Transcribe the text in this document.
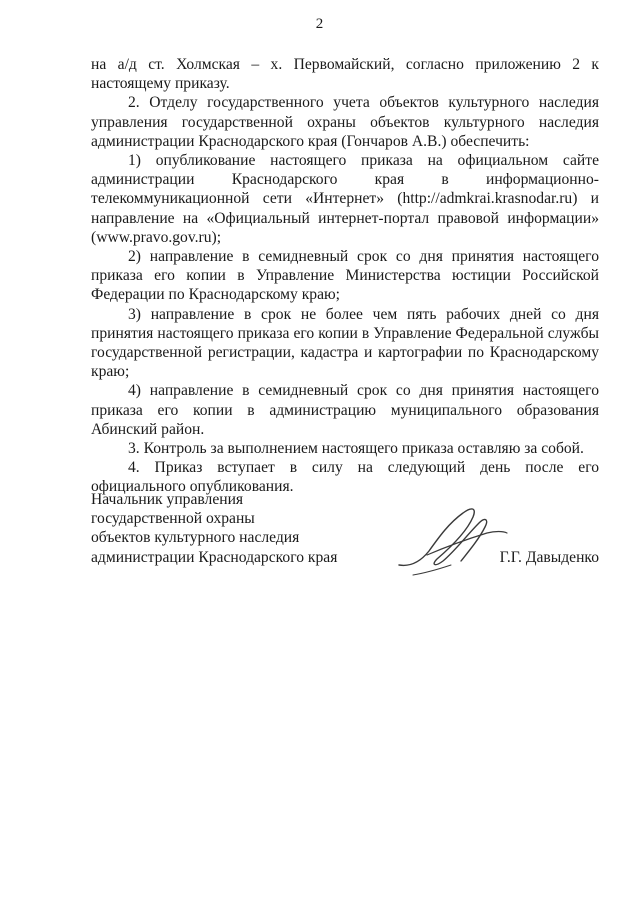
2

на а/д ст. Холмская – х. Первомайский, согласно приложению 2 к настоящему приказу.

2. Отделу государственного учета объектов культурного наследия управления государственной охраны объектов культурного наследия администрации Краснодарского края (Гончаров А.В.) обеспечить:

1) опубликование настоящего приказа на официальном сайте администрации Краснодарского края в информационно-телекоммуникационной сети «Интернет» (http://admkrai.krasnodar.ru) и направление на «Официальный интернет-портал правовой информации» (www.pravo.gov.ru);

2) направление в семидневный срок со дня принятия настоящего приказа его копии в Управление Министерства юстиции Российской Федерации по Краснодарскому краю;

3) направление в срок не более чем пять рабочих дней со дня принятия настоящего приказа его копии в Управление Федеральной службы государственной регистрации, кадастра и картографии по Краснодарскому краю;

4) направление в семидневный срок со дня принятия настоящего приказа его копии в администрацию муниципального образования Абинский район.

3. Контроль за выполнением настоящего приказа оставляю за собой.

4. Приказ вступает в силу на следующий день после его официального опубликования.

Начальник управления
государственной охраны
объектов культурного наследия
администрации Краснодарского края	Г.Г. Давыденко
